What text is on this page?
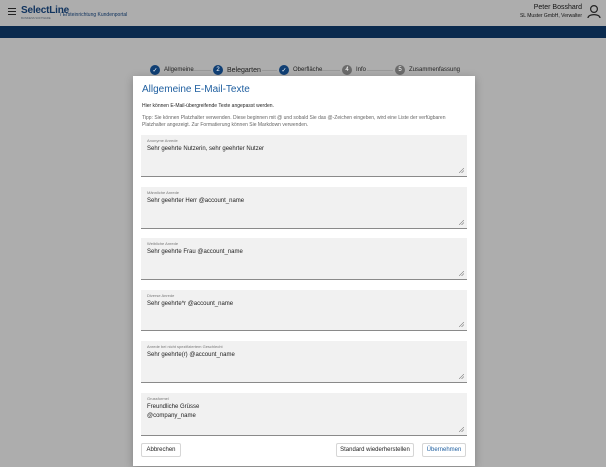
SelectLine
BUSINESS SOFTWARE / Ersteinrichtung Kundenportal
Peter Bosshard
SL Muster GmbH, Verwalter
✓	Allgemeine	2	Belegarten	✓	Oberfläche	4	Info	5	Zusammenfassung
Allgemeine E-Mail-Texte
Hier können E-Mail-übergreifende Texte angepasst werden.
Tipp: Sie können Platzhalter verwenden. Diese beginnen mit @ und sobald Sie das @-Zeichen eingeben, wird eine Liste der verfügbaren Platzhalter angezeigt. Zur Formatierung können Sie Markdown verwenden.
Anonyme Anrede
Sehr geehrte Nutzerin, sehr geehrter Nutzer
Männliche Anrede
Sehr geehrter Herr @account_name
Weibliche Anrede
Sehr geehrte Frau @account_name
Diverse Anrede
Sehr geehrte*r @account_name
Anrede bei nicht spezifiziertem Geschlecht
Sehr geehrte(r) @account_name
Grussformel
Freundliche Grüsse
@company_name
Abbrechen	Standard wiederherstellen	Übernehmen
